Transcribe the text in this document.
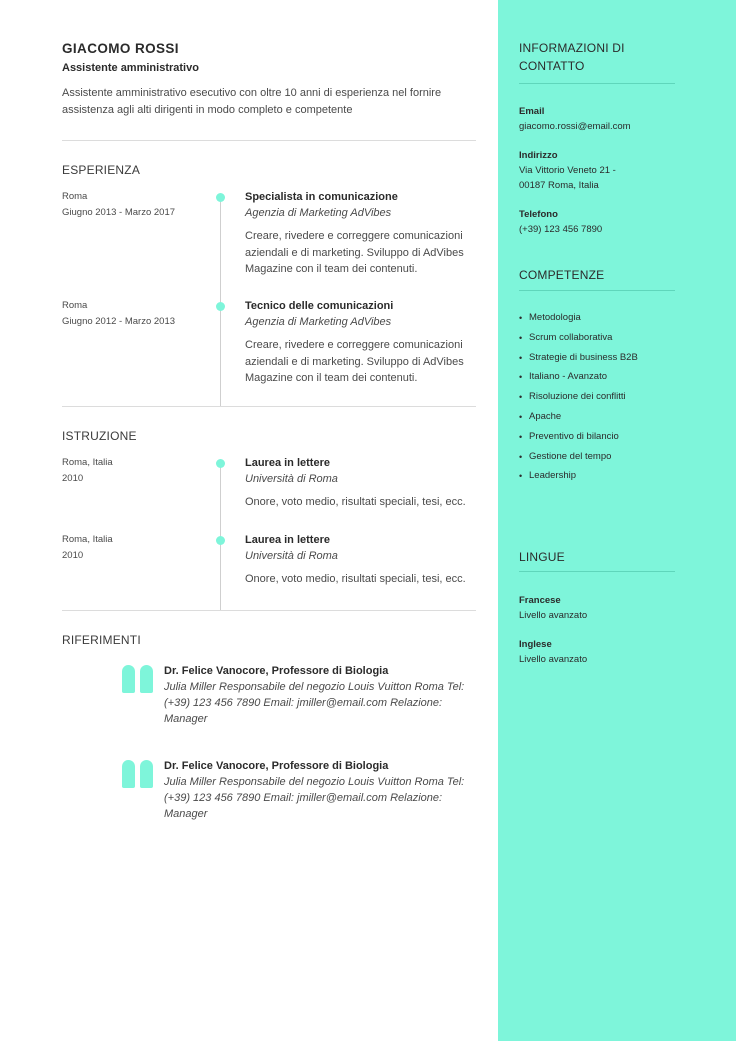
GIACOMO ROSSI
Assistente amministrativo
Assistente amministrativo esecutivo con oltre 10 anni di esperienza nel fornire assistenza agli alti dirigenti in modo completo e competente
ESPERIENZA
Roma
Giugno 2013 - Marzo 2017
Specialista in comunicazione
Agenzia di Marketing AdVibes
Creare, rivedere e correggere comunicazioni aziendali e di marketing. Sviluppo di AdVibes Magazine con il team dei contenuti.
Roma
Giugno 2012 - Marzo 2013
Tecnico delle comunicazioni
Agenzia di Marketing AdVibes
Creare, rivedere e correggere comunicazioni aziendali e di marketing. Sviluppo di AdVibes Magazine con il team dei contenuti.
ISTRUZIONE
Roma, Italia
2010
Laurea in lettere
Università di Roma
Onore, voto medio, risultati speciali, tesi, ecc.
Roma, Italia
2010
Laurea in lettere
Università di Roma
Onore, voto medio, risultati speciali, tesi, ecc.
RIFERIMENTI
Dr. Felice Vanocore, Professore di Biologia
Julia Miller Responsabile del negozio Louis Vuitton Roma Tel: (+39) 123 456 7890 Email: jmiller@email.com Relazione: Manager
Dr. Felice Vanocore, Professore di Biologia
Julia Miller Responsabile del negozio Louis Vuitton Roma Tel: (+39) 123 456 7890 Email: jmiller@email.com Relazione: Manager
INFORMAZIONI DI CONTATTO
Email
giacomo.rossi@email.com
Indirizzo
Via Vittorio Veneto 21 - 00187 Roma, Italia
Telefono
(+39) 123 456 7890
COMPETENZE
• Metodologia
• Scrum collaborativa
• Strategie di business B2B
• Italiano - Avanzato
• Risoluzione dei conflitti
• Apache
• Preventivo di bilancio
• Gestione del tempo
• Leadership
LINGUE
Francese
Livello avanzato
Inglese
Livello avanzato
